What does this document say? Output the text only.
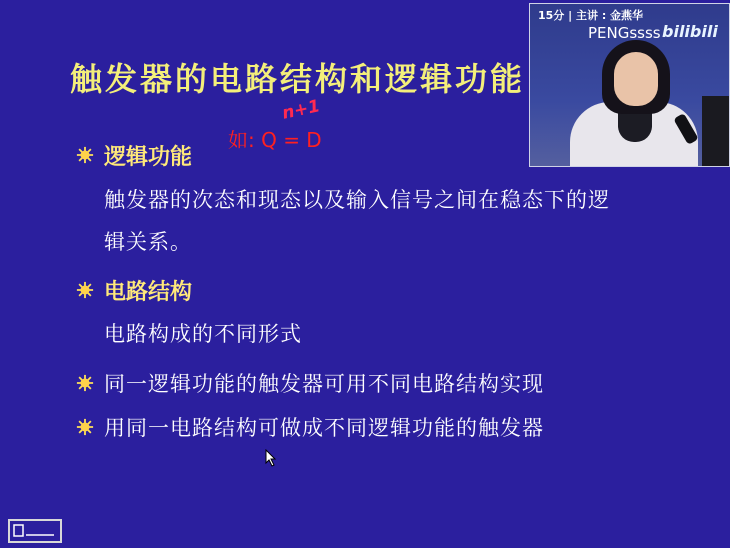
触发器的电路结构和逻辑功能
如: Q = D
n+1
逻辑功能
触发器的次态和现态以及输入信号之间在稳态下的逻
辑关系。
电路结构
电路构成的不同形式
同一逻辑功能的触发器可用不同电路结构实现
用同一电路结构可做成不同逻辑功能的触发器
15分 | 主讲 : 金燕华
PENGssss bilibili
